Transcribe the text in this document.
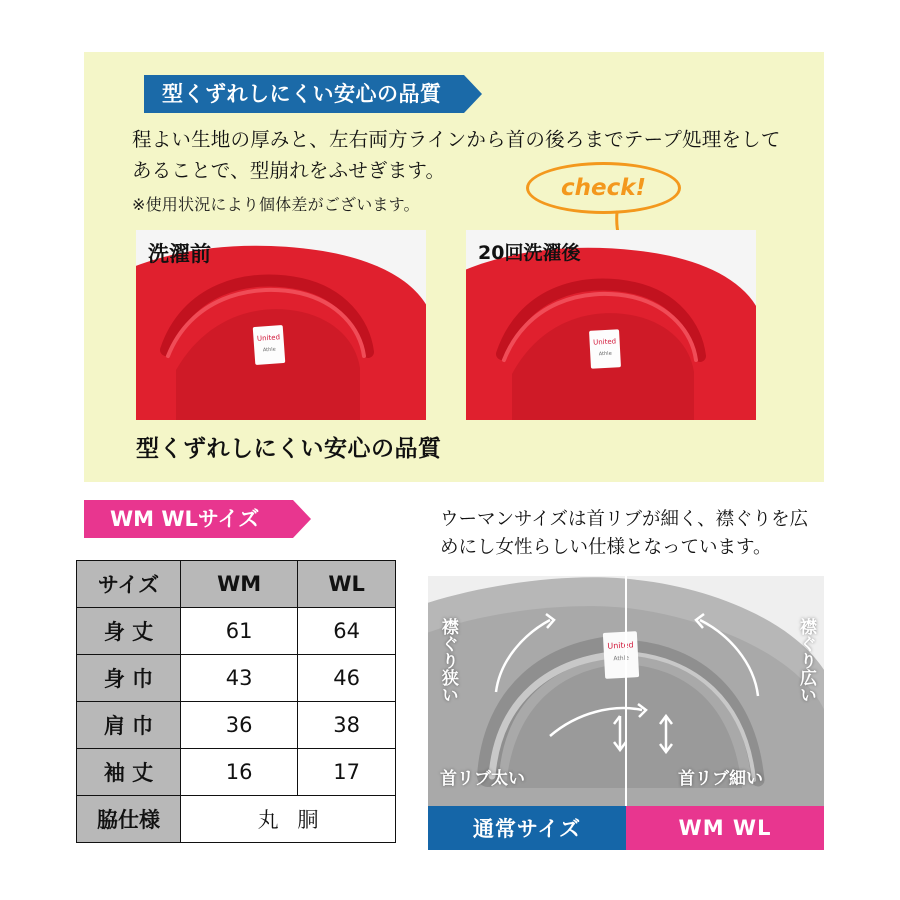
型くずれしにくい安心の品質
程よい生地の厚みと、左右両方ラインから首の後ろまでテープ処理をしてあることで、型崩れをふせぎます。
※使用状況により個体差がございます。
check!
United
Athle
洗濯前
United
Athle
20回洗濯後
型くずれしにくい安心の品質
WM WLサイズ
サイズ	WM	WL
身 丈	61	64
身 巾	43	46
肩 巾	36	38
袖 丈	16	17
脇仕様	丸 胴	
ウーマンサイズは首リブが細く、襟ぐりを広めにし女性らしい仕様となっています。
United
Athle
襟ぐり狭い	襟ぐり広い
首リブ太い	首リブ細い
通常サイズ	WM WL
